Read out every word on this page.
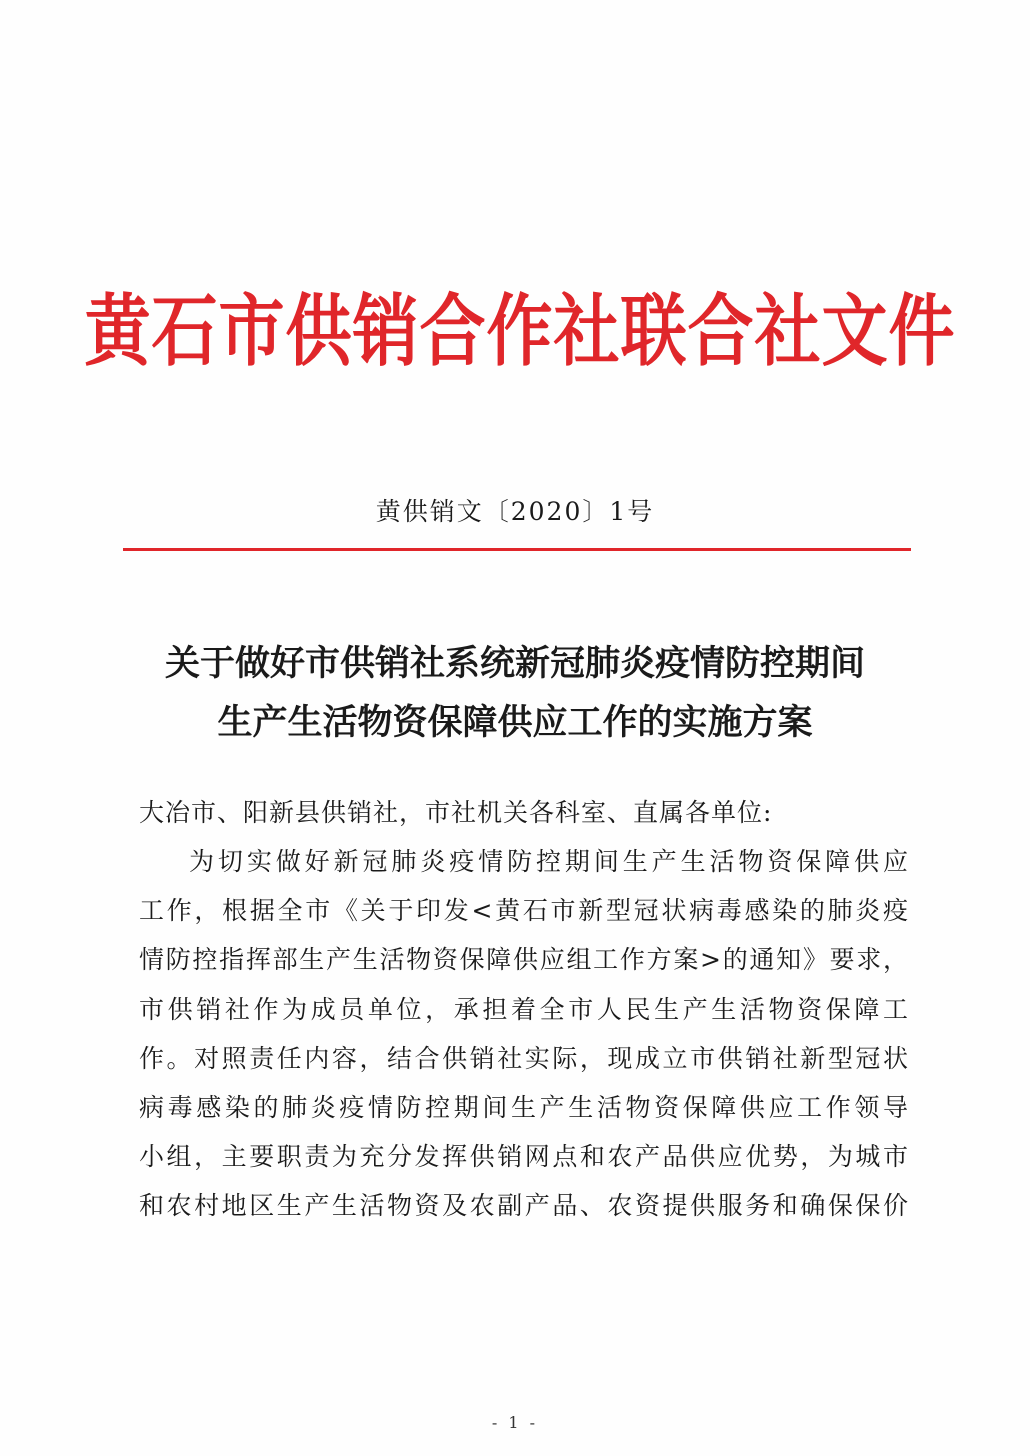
黄石市供销合作社联合社文件
黄供销文〔2020〕1号
关于做好市供销社系统新冠肺炎疫情防控期间
生产生活物资保障供应工作的实施方案
大冶市、阳新县供销社，市社机关各科室、直属各单位:
为切实做好新冠肺炎疫情防控期间生产生活物资保障供应
工作，根据全市《关于印发<黄石市新型冠状病毒感染的肺炎疫
情防控指挥部生产生活物资保障供应组工作方案>的通知》要求，
市供销社作为成员单位，承担着全市人民生产生活物资保障工
作。对照责任内容，结合供销社实际，现成立市供销社新型冠状
病毒感染的肺炎疫情防控期间生产生活物资保障供应工作领导
小组，主要职责为充分发挥供销网点和农产品供应优势，为城市
和农村地区生产生活物资及农副产品、农资提供服务和确保保价
- 1 -
